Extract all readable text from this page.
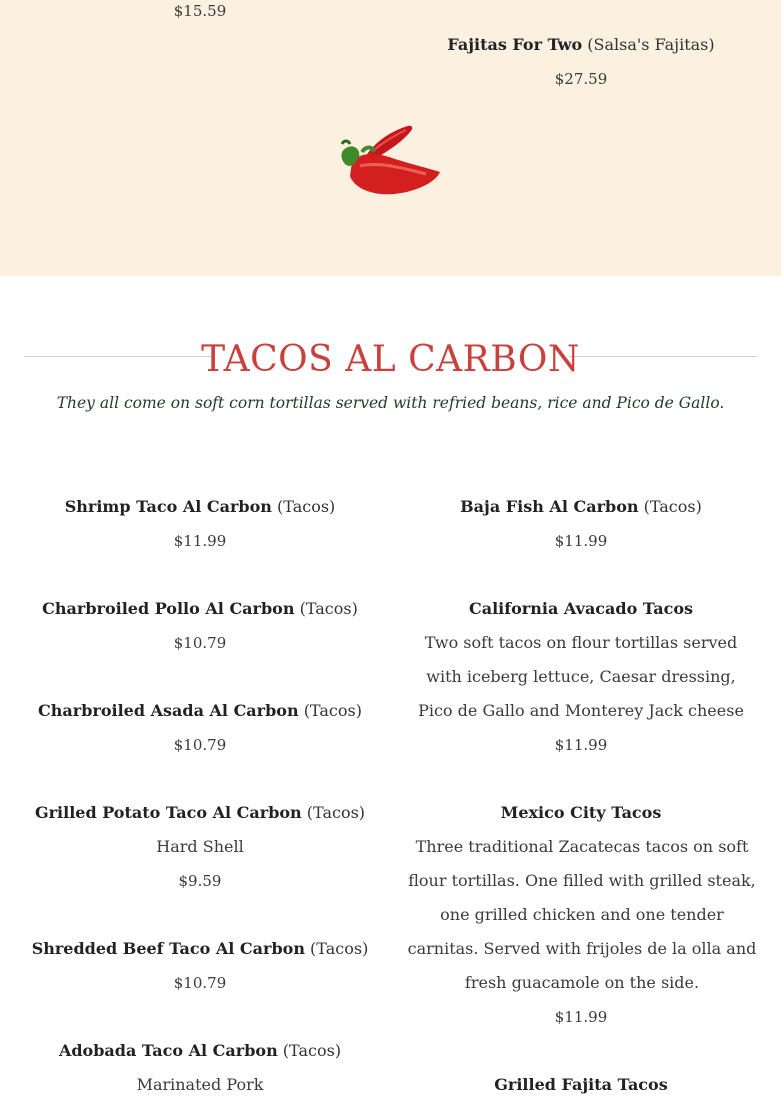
$15.59
Fajitas For Two (Salsa's Fajitas)
$27.59
TACOS AL CARBON
They all come on soft corn tortillas served with refried beans, rice and Pico de Gallo.
Shrimp Taco Al Carbon (Tacos)
$11.99
Charbroiled Pollo Al Carbon (Tacos)
$10.79
Charbroiled Asada Al Carbon (Tacos)
$10.79
Grilled Potato Taco Al Carbon (Tacos)
Hard Shell
$9.59
Shredded Beef Taco Al Carbon (Tacos)
$10.79
Adobada Taco Al Carbon (Tacos)
Marinated Pork
Baja Fish Al Carbon (Tacos)
$11.99
California Avacado Tacos
Two soft tacos on flour tortillas served with iceberg lettuce, Caesar dressing, Pico de Gallo and Monterey Jack cheese
$11.99
Mexico City Tacos
Three traditional Zacatecas tacos on soft flour tortillas. One filled with grilled steak, one grilled chicken and one tender carnitas. Served with frijoles de la olla and fresh guacamole on the side.
$11.99
Grilled Fajita Tacos
